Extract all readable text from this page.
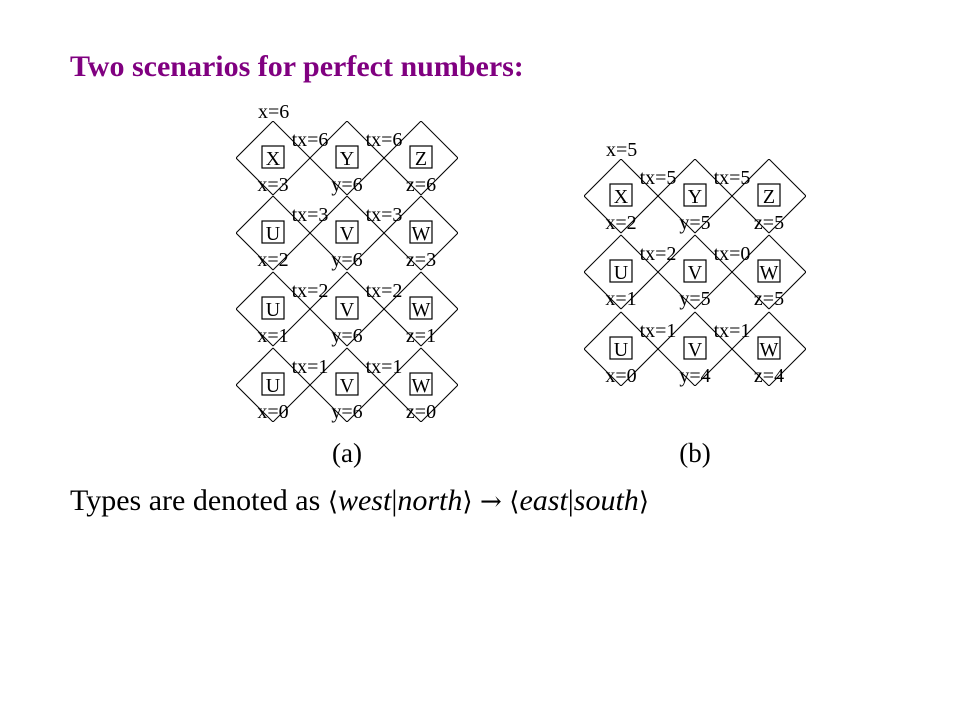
Two scenarios for perfect numbers:
(a)	(b)
x=6
X	Y	Z
tx=6 tx=6
x=3 y=6 z=6
U	V	W
tx=3 tx=3
x=2 y=6 z=3
U	V	W
tx=2 tx=2
x=1 y=6 z=1
U	V	W
tx=1 tx=1
x=0 y=6 z=0
x=5
X	Y	Z
tx=5 tx=5
x=2 y=5 z=5
U	V	W
tx=2 tx=0
x=1 y=5 z=5
U	V	W
tx=1 tx=1
x=0 y=4 z=4
Types are denoted as ⟨west|north⟩ → ⟨east|south⟩
